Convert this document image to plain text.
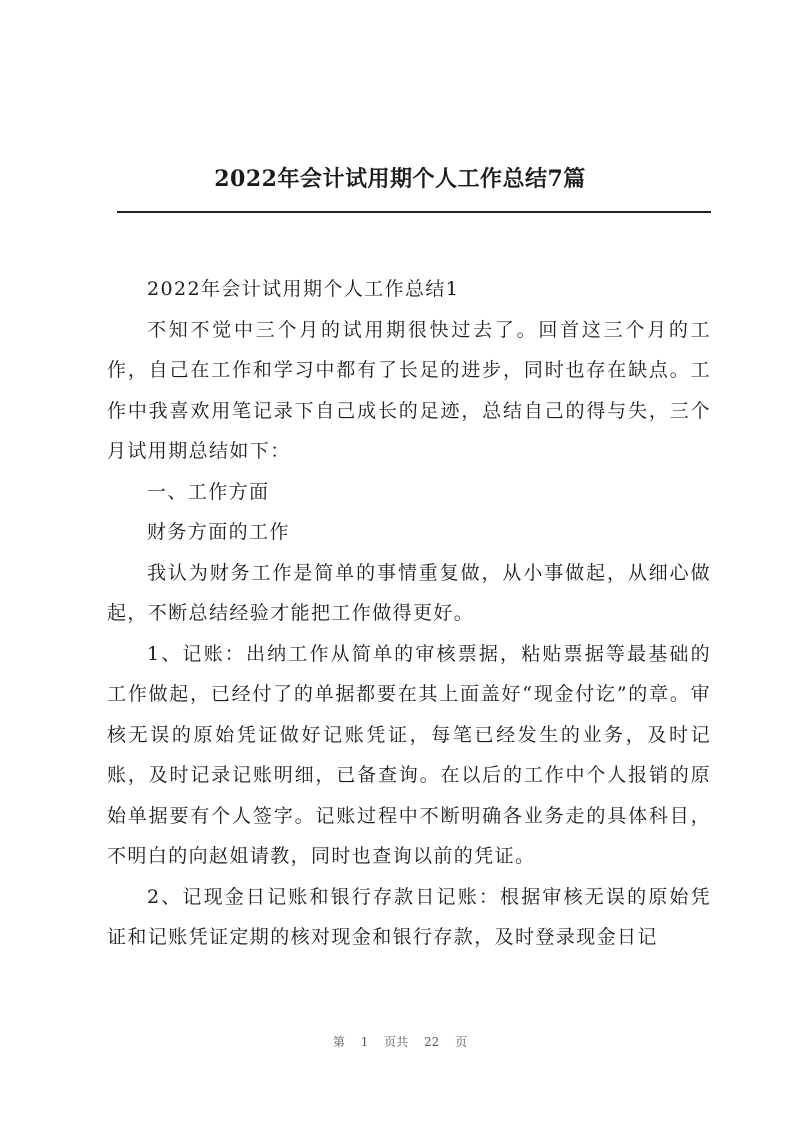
2022年会计试用期个人工作总结7篇

2022年会计试用期个人工作总结1

不知不觉中三个月的试用期很快过去了。回首这三个月的工作，自己在工作和学习中都有了长足的进步，同时也存在缺点。工作中我喜欢用笔记录下自己成长的足迹，总结自己的得与失，三个月试用期总结如下：

一、工作方面

财务方面的工作

我认为财务工作是简单的事情重复做，从小事做起，从细心做起，不断总结经验才能把工作做得更好。

1、记账：出纳工作从简单的审核票据，粘贴票据等最基础的工作做起，已经付了的单据都要在其上面盖好“现金付讫”的章。审核无误的原始凭证做好记账凭证，每笔已经发生的业务，及时记账，及时记录记账明细，已备查询。在以后的工作中个人报销的原始单据要有个人签字。记账过程中不断明确各业务走的具体科目，不明白的向赵姐请教，同时也查询以前的凭证。

2、记现金日记账和银行存款日记账：根据审核无误的原始凭证和记账凭证定期的核对现金和银行存款，及时登录现金日记

第 1 页共 22 页
